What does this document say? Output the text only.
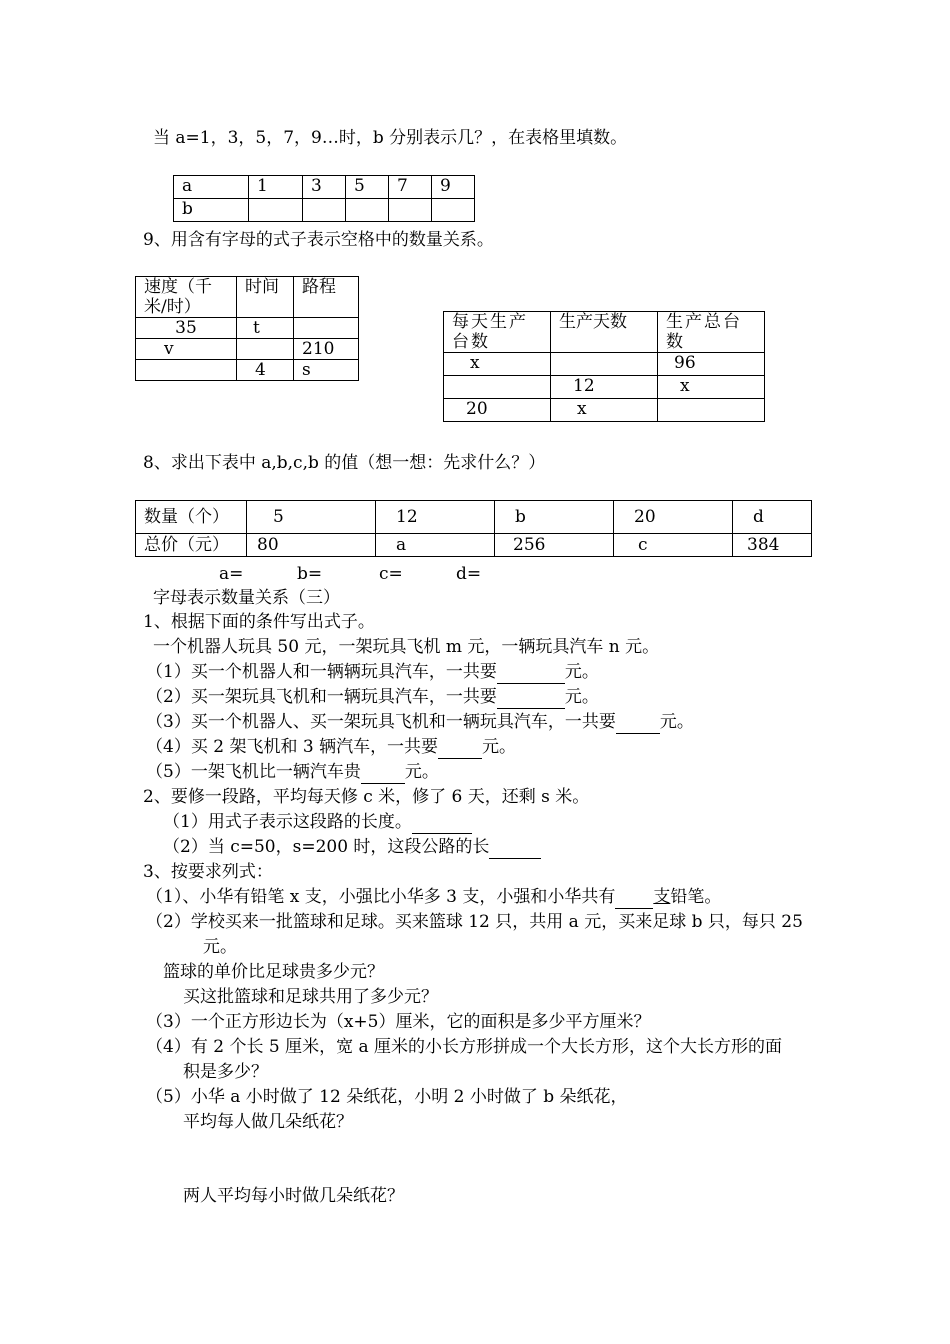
当 a=1，3，5，7，9…时，b 分别表示几？，在表格里填数。
a	1	3	5	7	9
b					
9、用含有字母的式子表示空格中的数量关系。
速度（千米/时）	时间	路程
35	t	
v		210
	4	s
每天生产台数	生产天数	生产总台数
x		96
	12	x
20	x	
8、求出下表中 a,b,c,b 的值（想一想：先求什么？）
数量（个）	5	12	b	20	d
总价（元）	80	a	256	c	384
a=	b=	c=	d=
字母表示数量关系（三）
1、根据下面的条件写出式子。
一个机器人玩具 50 元，一架玩具飞机 m 元，一辆玩具汽车 n 元。
（1）买一个机器人和一辆辆玩具汽车，一共要	元。
（2）买一架玩具飞机和一辆玩具汽车，一共要	元。
（3）买一个机器人、买一架玩具飞机和一辆玩具汽车，一共要	元。
（4）买 2 架飞机和 3 辆汽车，一共要	元。
（5）一架飞机比一辆汽车贵	元。
2、要修一段路，平均每天修 c 米，修了 6 天，还剩 s 米。
（1）用式子表示这段路的长度。
（2）当 c=50，s=200 时，这段公路的长
3、按要求列式：
（1）、小华有铅笔 x 支，小强比小华多 3 支，小强和小华共有 支铅笔。
（2）学校买来一批篮球和足球。买来篮球 12 只，共用 a 元，买来足球 b 只，每只 25
元。
篮球的单价比足球贵多少元？
买这批篮球和足球共用了多少元？
（3）一个正方形边长为（x+5）厘米，它的面积是多少平方厘米？
（4）有 2 个长 5 厘米，宽 a 厘米的小长方形拼成一个大长方形，这个大长方形的面
积是多少？
（5）小华 a 小时做了 12 朵纸花，小明 2 小时做了 b 朵纸花，
平均每人做几朵纸花？
两人平均每小时做几朵纸花？
